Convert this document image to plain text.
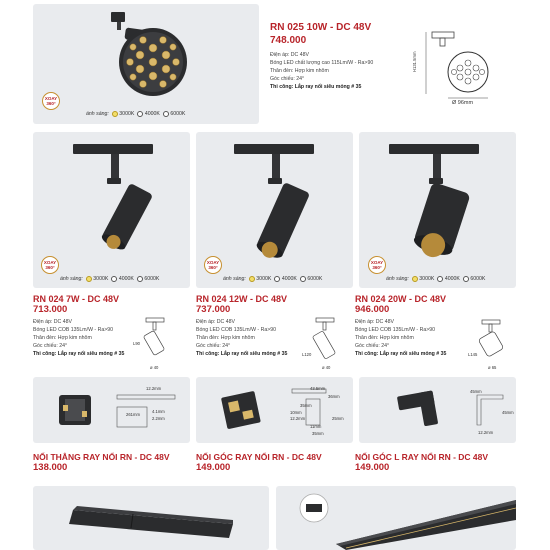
XOAY 360°
ánh sáng: 3000K 4000K 6000K
RN 025 10W - DC 48V
748.000
Điện áp: DC 48V
Bóng LED chất lượng cao 115Lm/W - Ra>90
Thân đèn: Hợp kim nhôm
Góc chiếu: 24°
Thi công: Lắp ray nổi siêu mỏng # 35
H131.5mm
Ø 96mm
XOAY 360°
XOAY 360°
XOAY 360°
ánh sáng: 3000K 4000K 6000K	ánh sáng: 3000K 4000K 6000K	ánh sáng: 3000K 4000K 6000K
RN 024 7W - DC 48V
713.000
Điện áp: DC 48V
Bóng LED COB 135Lm/W - Ra>90
Thân đèn: Hợp kim nhôm
Góc chiếu: 24°
Thi công: Lắp ray nổi siêu mỏng # 35
RN 024 12W - DC 48V
737.000
Điện áp: DC 48V
Bóng LED COB 135Lm/W - Ra>90
Thân đèn: Hợp kim nhôm
Góc chiếu: 24°
Thi công: Lắp ray nổi siêu mỏng # 35
RN 024 20W - DC 48V
946.000
Điện áp: DC 48V
Bóng LED COB 135Lm/W - Ra>90
Thân đèn: Hợp kim nhôm
Góc chiếu: 24°
Thi công: Lắp ray nổi siêu mỏng # 35
L90
ø 40
L120
ø 40
L145
ø 65
12.2mm
4.1mm
2.2mm
261mm
43.5mm
36mm
35mm
25mm
10mm
12.2mm
11mm
35mm
45mm
45mm
12.2mm
NỐI THẲNG RAY NỔI RN - DC 48V
138.000
NỐI GÓC RAY NỔI RN - DC 48V
149.000
NỐI GÓC L RAY NỔI RN - DC 48V
149.000
